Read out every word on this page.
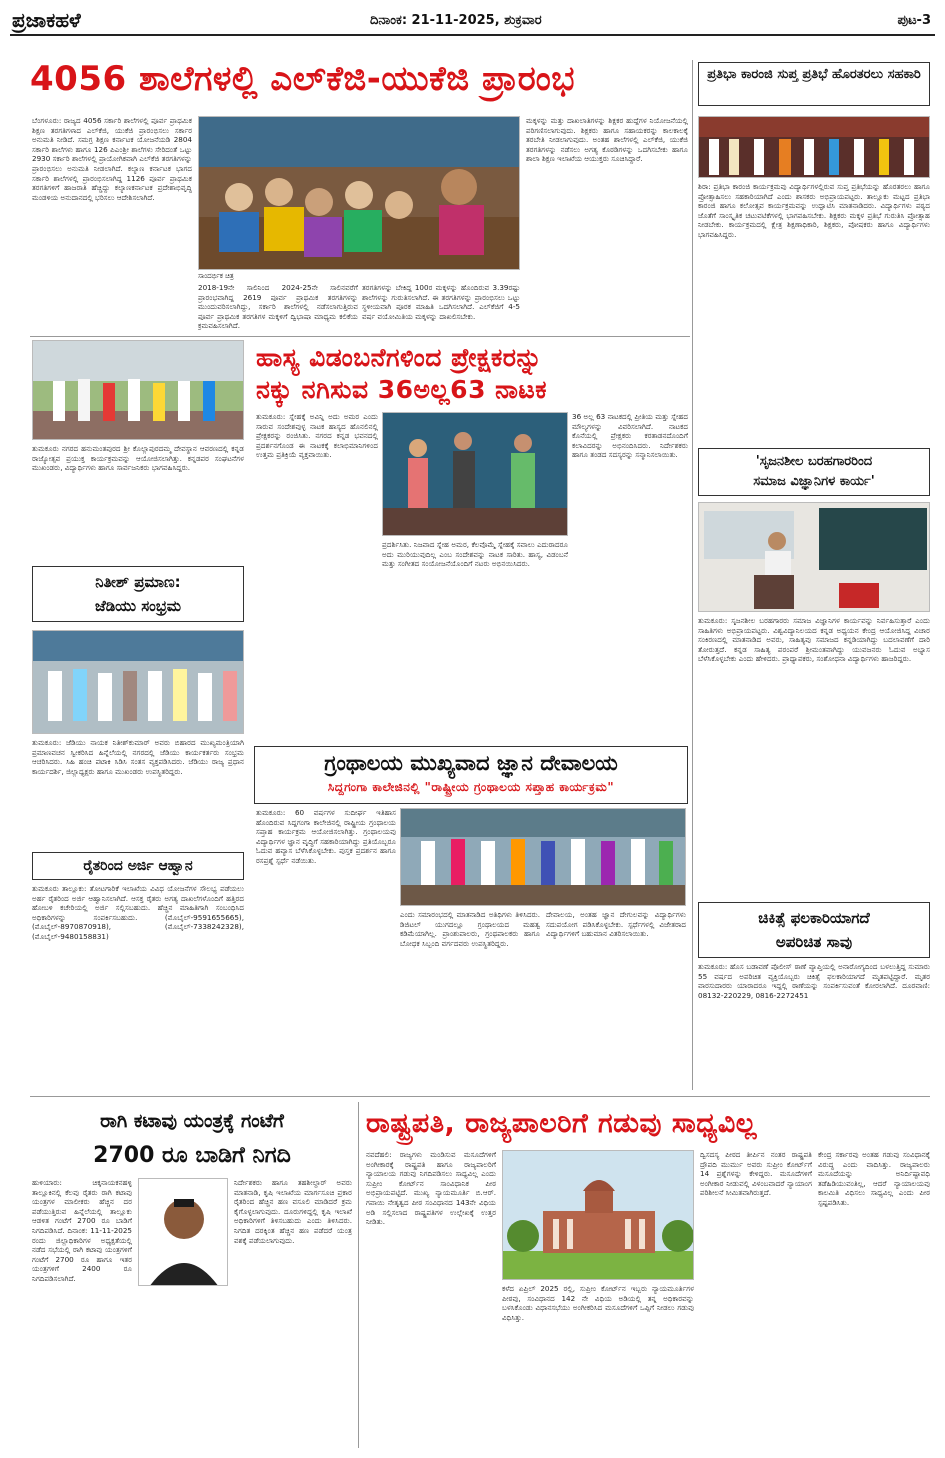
ಪ್ರಜಾಕಹಳೆ	ದಿನಾಂಕ: 21-11-2025, ಶುಕ್ರವಾರ	ಪುಟ-3
4056 ಶಾಲೆಗಳಲ್ಲಿ ಎಲ್‌ಕೆಜಿ-ಯುಕೆಜಿ ಪ್ರಾರಂಭ
ಬೆಂಗಳೂರು: ರಾಜ್ಯದ 4056 ಸರ್ಕಾರಿ ಶಾಲೆಗಳಲ್ಲಿ ಪೂರ್ವ ಪ್ರಾಥಮಿಕ ಶಿಕ್ಷಣ ತರಗತಿಗಳಾದ ಎಲ್‌ಕೆಜಿ, ಯುಕೆಜಿ ಪ್ರಾರಂಭಿಸಲು ಸರ್ಕಾರ ಅನುಮತಿ ನೀಡಿದೆ. ಸಮಗ್ರ ಶಿಕ್ಷಣ ಕರ್ನಾಟಕ ಯೋಜನೆಯಡಿ 2804 ಸರ್ಕಾರಿ ಶಾಲೆಗಳು ಹಾಗೂ 126 ಪಿಎಂಶ್ರೀ ಶಾಲೆಗಳು ಸೇರಿದಂತೆ ಒಟ್ಟು 2930 ಸರ್ಕಾರಿ ಶಾಲೆಗಳಲ್ಲಿ ಪ್ರಾಯೋಗಿಕವಾಗಿ ಎಲ್‌ಕೆಜಿ ತರಗತಿಗಳನ್ನು ಪ್ರಾರಂಭಿಸಲು ಅನುಮತಿ ನೀಡಲಾಗಿದೆ. ಕಲ್ಯಾಣ ಕರ್ನಾಟಕ ಭಾಗದ ಸರ್ಕಾರಿ ಶಾಲೆಗಳಲ್ಲಿ ಪ್ರಾರಂಭಿಸಲಾಗಿದ್ದ 1126 ಪೂರ್ವ ಪ್ರಾಥಮಿಕ ತರಗತಿಗಳಿಗೆ ಹಾಜರಾತಿ ಹೆಚ್ಚಿದ್ದು ಕಲ್ಯಾಣಕರ್ನಾಟಕ ಪ್ರದೇಶಾಭಿವೃದ್ಧಿ ಮಂಡಳಿಯ ಅನುದಾನದಲ್ಲಿ ಭರಿಸಲು ಆದೇಶಿಸಲಾಗಿದೆ.
ಸಾಂದರ್ಭಿಕ ಚಿತ್ರ
2018-19ನೇ ಸಾಲಿನಿಂದ 2024-25ನೇ ಸಾಲಿನವರೆಗೆ ಪ್ರಾರಂಭವಾಗಿದ್ದ 2619 ಪೂರ್ವ ಪ್ರಾಥಮಿಕ ತರಗತಿಗಳನ್ನು ಮುಂದುವರಿಸಲಾಗಿದ್ದು, ಸರ್ಕಾರಿ ಶಾಲೆಗಳಲ್ಲಿ ನಡೆಸಲಾಗುತ್ತಿರುವ ಪೂರ್ವ ಪ್ರಾಥಮಿಕ ತರಗತಿಗಳ ಮಕ್ಕಳಿಗೆ ದ್ವಿಭಾಷಾ ಮಾಧ್ಯಮ ಕಲಿಕೆಯ ಕ್ರಮವಹಿಸಲಾಗಿದೆ.
ತರಗತಿಗಳನ್ನು ಬೇಕಿದ್ದ 100ರ ಮಕ್ಕಳನ್ನು ಹೊಂದಿರುವ 3.39ರಷ್ಟು ಶಾಲೆಗಳನ್ನು ಗುರುತಿಸಲಾಗಿದೆ. ಈ ತರಗತಿಗಳನ್ನು ಪ್ರಾರಂಭಿಸಲು ಒಟ್ಟು ಸ್ಥಳೀಯವಾಗಿ ಪೂರಕ ಮಾಹಿತಿ ಒದಗಿಸಲಾಗಿದೆ. ಎಲ್‌ಕೆಜಿಗೆ 4-5 ವರ್ಷ ವಯೋಮಿತಿಯ ಮಕ್ಕಳನ್ನು ದಾಖಲಿಸಬೇಕು.
ಮಕ್ಕಳನ್ನು ಮತ್ತು ದಾಖಲಾತಿಗಳನ್ನು ಶಿಕ್ಷಕರ ಹುದ್ದೆಗಳ ನಿಯೋಜನೆಯಲ್ಲಿ ಪರಿಗಣಿಸಲಾಗುವುದು. ಶಿಕ್ಷಕರು ಹಾಗೂ ಸಹಾಯಕರನ್ನು ಕಾಲಕಾಲಕ್ಕೆ ತರಬೇತಿ ನೀಡಲಾಗುವುದು. ಅಂತಹ ಶಾಲೆಗಳಲ್ಲಿ ಎಲ್‌ಕೆಜಿ, ಯುಕೆಜಿ ತರಗತಿಗಳನ್ನು ನಡೆಸಲು ಅಗತ್ಯ ಕೊಠಡಿಗಳನ್ನು ಒದಗಿಸಬೇಕು ಹಾಗೂ ಶಾಲಾ ಶಿಕ್ಷಣ ಇಲಾಖೆಯ ಆಯುಕ್ತರು ಸೂಚಿಸಿದ್ದಾರೆ.
ಪ್ರತಿಭಾ ಕಾರಂಜಿ ಸುಪ್ತ ಪ್ರತಿಭೆ ಹೊರತರಲು ಸಹಕಾರಿ
ಶಿರಾ: ಪ್ರತಿಭಾ ಕಾರಂಜಿ ಕಾರ್ಯಕ್ರಮವು ವಿದ್ಯಾರ್ಥಿಗಳಲ್ಲಿರುವ ಸುಪ್ತ ಪ್ರತಿಭೆಯನ್ನು ಹೊರತರಲು ಹಾಗೂ ಪ್ರೋತ್ಸಾಹಿಸಲು ಸಹಕಾರಿಯಾಗಿದೆ ಎಂದು ಶಾಸಕರು ಅಭಿಪ್ರಾಯಪಟ್ಟರು. ತಾಲ್ಲೂಕು ಮಟ್ಟದ ಪ್ರತಿಭಾ ಕಾರಂಜಿ ಹಾಗೂ ಕಲೋತ್ಸವ ಕಾರ್ಯಕ್ರಮವನ್ನು ಉದ್ಘಾಟಿಸಿ ಮಾತನಾಡಿದರು. ವಿದ್ಯಾರ್ಥಿಗಳು ಪಠ್ಯದ ಜೊತೆಗೆ ಸಾಂಸ್ಕೃತಿಕ ಚಟುವಟಿಕೆಗಳಲ್ಲಿ ಭಾಗವಹಿಸಬೇಕು. ಶಿಕ್ಷಕರು ಮಕ್ಕಳ ಪ್ರತಿಭೆ ಗುರುತಿಸಿ ಪ್ರೋತ್ಸಾಹ ನೀಡಬೇಕು. ಕಾರ್ಯಕ್ರಮದಲ್ಲಿ ಕ್ಷೇತ್ರ ಶಿಕ್ಷಣಾಧಿಕಾರಿ, ಶಿಕ್ಷಕರು, ಪೋಷಕರು ಹಾಗೂ ವಿದ್ಯಾರ್ಥಿಗಳು ಭಾಗವಹಿಸಿದ್ದರು.
ತುಮಕೂರು ನಗರದ ಹನುಮಂತಪುರದ ಶ್ರೀ ಕೊಲ್ಲಾಪುರದಮ್ಮ ದೇವಸ್ಥಾನ ಆವರಣದಲ್ಲಿ ಕನ್ನಡ ರಾಜ್ಯೋತ್ಸವ ಪ್ರಯುಕ್ತ ಕಾರ್ಯಕ್ರಮವನ್ನು ಆಯೋಜಿಸಲಾಗಿತ್ತು. ಕನ್ನಡಪರ ಸಂಘಟನೆಗಳ ಮುಖಂಡರು, ವಿದ್ಯಾರ್ಥಿಗಳು ಹಾಗೂ ಸಾರ್ವಜನಿಕರು ಭಾಗವಹಿಸಿದ್ದರು.
ಹಾಸ್ಯ ವಿಡಂಬನೆಗಳಿಂದ ಪ್ರೇಕ್ಷಕರನ್ನು
ನಕ್ಕು ನಗಿಸುವ 36ಅಲ್ಲ63 ನಾಟಕ
ತುಮಕೂರು: ಸ್ನೇಹಕ್ಕೆ ಅವಿನ್ನಿ ಅದು ಅಮರ ಎಂದು ಸಾರುವ ಸಂದೇಶವುಳ್ಳ ನಾಟಕ ಹಾಸ್ಯದ ಹೊನಲಿನಲ್ಲಿ ಪ್ರೇಕ್ಷಕರನ್ನು ರಂಜಿಸಿತು. ನಗರದ ಕನ್ನಡ ಭವನದಲ್ಲಿ ಪ್ರದರ್ಶನಗೊಂಡ ಈ ನಾಟಕಕ್ಕೆ ಕಲಾಭಿಮಾನಿಗಳಿಂದ ಉತ್ತಮ ಪ್ರತಿಕ್ರಿಯೆ ವ್ಯಕ್ತವಾಯಿತು.
ಪ್ರದರ್ಶಿಸಿತು. ನಿಜವಾದ ಸ್ನೇಹ ಅಮರ, ಕೆಲವೊಮ್ಮೆ ಸ್ನೇಹಕ್ಕೆ ಸವಾಲು ಎದುರಾದರೂ ಅದು ಮುರಿಯುವುದಿಲ್ಲ ಎಂಬ ಸಂದೇಶವನ್ನು ನಾಟಕ ಸಾರಿತು. ಹಾಸ್ಯ, ವಿಡಂಬನೆ ಮತ್ತು ಸಂಗೀತದ ಸಂಯೋಜನೆಯೊಂದಿಗೆ ನಟರು ಅಭಿನಯಿಸಿದರು.
36 ಅಲ್ಲ 63 ನಾಟಕದಲ್ಲಿ ಪ್ರೀತಿಯ ಮತ್ತು ಸ್ನೇಹದ ಮೌಲ್ಯಗಳನ್ನು ವಿವರಿಸಲಾಗಿದೆ. ನಾಟಕದ ಕೊನೆಯಲ್ಲಿ ಪ್ರೇಕ್ಷಕರು ಕರತಾಡನದೊಂದಿಗೆ ಕಲಾವಿದರನ್ನು ಅಭಿನಂದಿಸಿದರು. ನಿರ್ದೇಶಕರು ಹಾಗೂ ತಂಡದ ಸದಸ್ಯರನ್ನು ಸನ್ಮಾನಿಸಲಾಯಿತು.	'ಸೃಜನಶೀಲ ಬರಹಗಾರರಿಂದ
ಸಮಾಜ ವಿಜ್ಞಾನಿಗಳ ಕಾರ್ಯ'
ತುಮಕೂರು: ಸೃಜನಶೀಲ ಬರಹಗಾರರು ಸಮಾಜ ವಿಜ್ಞಾನಿಗಳ ಕಾರ್ಯವನ್ನು ನಿರ್ವಹಿಸುತ್ತಾರೆ ಎಂದು ಸಾಹಿತಿಗಳು ಅಭಿಪ್ರಾಯಪಟ್ಟರು. ವಿಶ್ವವಿದ್ಯಾನಿಲಯದ ಕನ್ನಡ ಅಧ್ಯಯನ ಕೇಂದ್ರ ಆಯೋಜಿಸಿದ್ದ ವಿಚಾರ ಸಂಕಿರಣದಲ್ಲಿ ಮಾತನಾಡಿದ ಅವರು, ಸಾಹಿತ್ಯವು ಸಮಾಜದ ಕನ್ನಡಿಯಾಗಿದ್ದು ಬದಲಾವಣೆಗೆ ದಾರಿ ತೋರುತ್ತದೆ. ಕನ್ನಡ ಸಾಹಿತ್ಯ ಪರಂಪರೆ ಶ್ರೀಮಂತವಾಗಿದ್ದು ಯುವಜನರು ಓದುವ ಅಭ್ಯಾಸ ಬೆಳೆಸಿಕೊಳ್ಳಬೇಕು ಎಂದು ಹೇಳಿದರು. ಪ್ರಾಧ್ಯಾಪಕರು, ಸಂಶೋಧನಾ ವಿದ್ಯಾರ್ಥಿಗಳು ಹಾಜರಿದ್ದರು.
ನಿತೀಶ್ ಪ್ರಮಾಣ:
ಜೆಡಿಯು ಸಂಭ್ರಮ
ತುಮಕೂರು: ಜೆಡಿಯು ನಾಯಕ ನಿತೀಶ್‌ಕುಮಾರ್ ಅವರು ಬಿಹಾರದ ಮುಖ್ಯಮಂತ್ರಿಯಾಗಿ ಪ್ರಮಾಣವಚನ ಸ್ವೀಕರಿಸಿದ ಹಿನ್ನೆಲೆಯಲ್ಲಿ ನಗರದಲ್ಲಿ ಜೆಡಿಯು ಕಾರ್ಯಕರ್ತರು ಸಂಭ್ರಮ ಆಚರಿಸಿದರು. ಸಿಹಿ ಹಂಚಿ ಪಟಾಕಿ ಸಿಡಿಸಿ ಸಂತಸ ವ್ಯಕ್ತಪಡಿಸಿದರು. ಜೆಡಿಯು ರಾಜ್ಯ ಪ್ರಧಾನ ಕಾರ್ಯದರ್ಶಿ, ಜಿಲ್ಲಾಧ್ಯಕ್ಷರು ಹಾಗೂ ಮುಖಂಡರು ಉಪಸ್ಥಿತರಿದ್ದರು.	ಗ್ರಂಥಾಲಯ ಮುಖ್ಯವಾದ ಜ್ಞಾನ ದೇವಾಲಯ
ಸಿದ್ದಗಂಗಾ ಕಾಲೇಜಿನಲ್ಲಿ "ರಾಷ್ಟ್ರೀಯ ಗ್ರಂಥಾಲಯ ಸಪ್ತಾಹ ಕಾರ್ಯಕ್ರಮ"
ತುಮಕೂರು: 60 ವರ್ಷಗಳ ಸುದೀರ್ಘ ಇತಿಹಾಸ ಹೊಂದಿರುವ ಸಿದ್ದಗಂಗಾ ಕಾಲೇಜಿನಲ್ಲಿ ರಾಷ್ಟ್ರೀಯ ಗ್ರಂಥಾಲಯ ಸಪ್ತಾಹ ಕಾರ್ಯಕ್ರಮ ಆಯೋಜಿಸಲಾಗಿತ್ತು. ಗ್ರಂಥಾಲಯವು ವಿದ್ಯಾರ್ಥಿಗಳ ಜ್ಞಾನ ವೃದ್ಧಿಗೆ ಸಹಕಾರಿಯಾಗಿದ್ದು ಪ್ರತಿಯೊಬ್ಬರೂ ಓದುವ ಹವ್ಯಾಸ ಬೆಳೆಸಿಕೊಳ್ಳಬೇಕು. ಪುಸ್ತಕ ಪ್ರದರ್ಶನ ಹಾಗೂ ರಸಪ್ರಶ್ನೆ ಸ್ಪರ್ಧೆ ನಡೆಯಿತು.
ಎಂದು ಸಮಾರಂಭದಲ್ಲಿ ಮಾತನಾಡಿದ ಅತಿಥಿಗಳು ತಿಳಿಸಿದರು. ಡಿಜಿಟಲ್ ಯುಗದಲ್ಲೂ ಗ್ರಂಥಾಲಯದ ಮಹತ್ವ ಕಡಿಮೆಯಾಗಿಲ್ಲ. ಪ್ರಾಂಶುಪಾಲರು, ಗ್ರಂಥಪಾಲಕರು ಹಾಗೂ ಬೋಧಕ ಸಿಬ್ಬಂದಿ ವರ್ಗದವರು ಉಪಸ್ಥಿತರಿದ್ದರು.
ದೇವಾಲಯ, ಅಂತಹ ಜ್ಞಾನ ದೇಗುಲವನ್ನು ವಿದ್ಯಾರ್ಥಿಗಳು ಸದುಪಯೋಗ ಪಡಿಸಿಕೊಳ್ಳಬೇಕು. ಸ್ಪರ್ಧೆಗಳಲ್ಲಿ ವಿಜೇತರಾದ ವಿದ್ಯಾರ್ಥಿಗಳಿಗೆ ಬಹುಮಾನ ವಿತರಿಸಲಾಯಿತು.
ರೈತರಿಂದ ಅರ್ಜಿ ಆಹ್ವಾನ
ತುಮಕೂರು ತಾಲ್ಲೂಕು: ತೋಟಗಾರಿಕೆ ಇಲಾಖೆಯ ವಿವಿಧ ಯೋಜನೆಗಳ ಸೌಲಭ್ಯ ಪಡೆಯಲು ಅರ್ಹ ರೈತರಿಂದ ಅರ್ಜಿ ಆಹ್ವಾನಿಸಲಾಗಿದೆ. ಆಸಕ್ತ ರೈತರು ಅಗತ್ಯ ದಾಖಲೆಗಳೊಂದಿಗೆ ಹತ್ತಿರದ ಹೋಬಳಿ ಕಚೇರಿಯಲ್ಲಿ ಅರ್ಜಿ ಸಲ್ಲಿಸಬಹುದು. ಹೆಚ್ಚಿನ ಮಾಹಿತಿಗಾಗಿ ಸಂಬಂಧಿಸಿದ ಅಧಿಕಾರಿಗಳನ್ನು ಸಂಪರ್ಕಿಸಬಹುದು. (ಮೊಬೈಲ್-9591655665), (ಮೊಬೈಲ್-8970870918), (ಮೊಬೈಲ್-7338242328), (ಮೊಬೈಲ್-9480158831)
ಚಿಕಿತ್ಸೆ ಫಲಕಾರಿಯಾಗದೆ
ಅಪರಿಚಿತ ಸಾವು
ತುಮಕೂರು: ಹೊಸ ಬಡಾವಣೆ ಪೊಲೀಸ್ ಠಾಣೆ ವ್ಯಾಪ್ತಿಯಲ್ಲಿ ಅನಾರೋಗ್ಯದಿಂದ ಬಳಲುತ್ತಿದ್ದ ಸುಮಾರು 55 ವರ್ಷದ ಅಪರಿಚಿತ ವ್ಯಕ್ತಿಯೊಬ್ಬರು ಚಿಕಿತ್ಸೆ ಫಲಕಾರಿಯಾಗದೆ ಮೃತಪಟ್ಟಿದ್ದಾರೆ. ಮೃತರ ವಾರಸುದಾರರು ಯಾರಾದರೂ ಇದ್ದಲ್ಲಿ ಠಾಣೆಯನ್ನು ಸಂಪರ್ಕಿಸುವಂತೆ ಕೋರಲಾಗಿದೆ. ದೂರವಾಣಿ: 08132-220229, 0816-2272451
ರಾಗಿ ಕಟಾವು ಯಂತ್ರಕ್ಕೆ ಗಂಟೆಗೆ
2700 ರೂ ಬಾಡಿಗೆ ನಿಗದಿ
ಹುಳಿಯಾರು: ಚಿಕ್ಕನಾಯಕನಹಳ್ಳಿ ತಾಲ್ಲೂಕಿನಲ್ಲಿ ಕೆಲವು ರೈತರು ರಾಗಿ ಕಟಾವು ಯಂತ್ರಗಳ ಮಾಲೀಕರು ಹೆಚ್ಚಿನ ದರ ಪಡೆಯುತ್ತಿರುವ ಹಿನ್ನೆಲೆಯಲ್ಲಿ ತಾಲ್ಲೂಕು ಆಡಳಿತ ಗಂಟೆಗೆ 2700 ರೂ ಬಾಡಿಗೆ ನಿಗದಿಪಡಿಸಿದೆ. ದಿನಾಂಕ: 11-11-2025 ರಂದು ಜಿಲ್ಲಾಧಿಕಾರಿಗಳ ಅಧ್ಯಕ್ಷತೆಯಲ್ಲಿ ನಡೆದ ಸಭೆಯಲ್ಲಿ ರಾಗಿ ಕಟಾವು ಯಂತ್ರಗಳಿಗೆ ಗಂಟೆಗೆ 2700 ರೂ ಹಾಗೂ ಇತರ ಯಂತ್ರಗಳಿಗೆ 2400 ರೂ ನಿಗದಿಪಡಿಸಲಾಗಿದೆ.
ನಿರ್ದೇಶಕರು ಹಾಗೂ ತಹಶೀಲ್ದಾರ್ ಅವರು ಮಾತನಾಡಿ, ಕೃಷಿ ಇಲಾಖೆಯ ಮಾರ್ಗಸೂಚಿ ಪ್ರಕಾರ ರೈತರಿಂದ ಹೆಚ್ಚಿನ ಹಣ ವಸೂಲಿ ಮಾಡಿದರೆ ಕ್ರಮ ಕೈಗೊಳ್ಳಲಾಗುವುದು. ದೂರುಗಳಿದ್ದಲ್ಲಿ ಕೃಷಿ ಇಲಾಖೆ ಅಧಿಕಾರಿಗಳಿಗೆ ತಿಳಿಸಬಹುದು ಎಂದು ತಿಳಿಸಿದರು. ನಿಗದಿತ ದರಕ್ಕಿಂತ ಹೆಚ್ಚಿನ ಹಣ ಪಡೆದರೆ ಯಂತ್ರ ವಶಕ್ಕೆ ಪಡೆಯಲಾಗುವುದು.
ರಾಷ್ಟ್ರಪತಿ, ರಾಜ್ಯಪಾಲರಿಗೆ ಗಡುವು ಸಾಧ್ಯವಿಲ್ಲ
ನವದೆಹಲಿ: ರಾಜ್ಯಗಳು ಮಂಡಿಸುವ ಮಸೂದೆಗಳಿಗೆ ಅಂಗೀಕಾರಕ್ಕೆ ರಾಷ್ಟ್ರಪತಿ ಹಾಗೂ ರಾಜ್ಯಪಾಲರಿಗೆ ನ್ಯಾಯಾಲಯ ಗಡುವು ನಿಗದಿಪಡಿಸಲು ಸಾಧ್ಯವಿಲ್ಲ ಎಂದು ಸುಪ್ರೀಂ ಕೋರ್ಟ್‌ನ ಸಾಂವಿಧಾನಿಕ ಪೀಠ ಅಭಿಪ್ರಾಯಪಟ್ಟಿದೆ. ಮುಖ್ಯ ನ್ಯಾಯಮೂರ್ತಿ ಬಿ.ಆರ್. ಗವಾಯಿ ನೇತೃತ್ವದ ಪೀಠ ಸಂವಿಧಾನದ 143ನೇ ವಿಧಿಯ ಅಡಿ ಸಲ್ಲಿಸಲಾದ ರಾಷ್ಟ್ರಪತಿಗಳ ಉಲ್ಲೇಖಕ್ಕೆ ಉತ್ತರ ನೀಡಿತು.
ಕಳೆದ ಏಪ್ರಿಲ್ 2025 ರಲ್ಲಿ, ಸುಪ್ರೀಂ ಕೋರ್ಟ್‌ನ ಇಬ್ಬರು ನ್ಯಾಯಮೂರ್ತಿಗಳ ಪೀಠವು, ಸಂವಿಧಾನದ 142 ನೇ ವಿಧಿಯ ಅಡಿಯಲ್ಲಿ ತನ್ನ ಅಧಿಕಾರವನ್ನು ಬಳಸಿಕೊಂಡು ವಿಧಾನಸಭೆಯು ಅಂಗೀಕರಿಸಿದ ಮಸೂದೆಗಳಿಗೆ ಒಪ್ಪಿಗೆ ನೀಡಲು ಗಡುವು ವಿಧಿಸಿತ್ತು.
ದ್ವಿಸದಸ್ಯ ಪೀಠದ ತೀರ್ಪಿನ ನಂತರ ರಾಷ್ಟ್ರಪತಿ ದ್ರೌಪದಿ ಮುರ್ಮು ಅವರು ಸುಪ್ರೀಂ ಕೋರ್ಟ್‌ಗೆ 14 ಪ್ರಶ್ನೆಗಳನ್ನು ಕೇಳಿದ್ದರು. ಮಸೂದೆಗಳಿಗೆ ಅಂಗೀಕಾರ ನೀಡುವಲ್ಲಿ ವಿಳಂಬವಾದರೆ ನ್ಯಾಯಾಂಗ ಪರಿಶೀಲನೆ ಸೀಮಿತವಾಗಿರುತ್ತದೆ.
ಕೇಂದ್ರ ಸರ್ಕಾರವು ಅಂತಹ ಗಡುವು ಸಂವಿಧಾನಕ್ಕೆ ವಿರುದ್ಧ ಎಂದು ವಾದಿಸಿತ್ತು. ರಾಜ್ಯಪಾಲರು ಮಸೂದೆಯನ್ನು ಅನಿರ್ದಿಷ್ಟಾವಧಿ ತಡೆಹಿಡಿಯುವಂತಿಲ್ಲ, ಆದರೆ ನ್ಯಾಯಾಲಯವು ಕಾಲಮಿತಿ ವಿಧಿಸಲು ಸಾಧ್ಯವಿಲ್ಲ ಎಂದು ಪೀಠ ಸ್ಪಷ್ಟಪಡಿಸಿತು.
